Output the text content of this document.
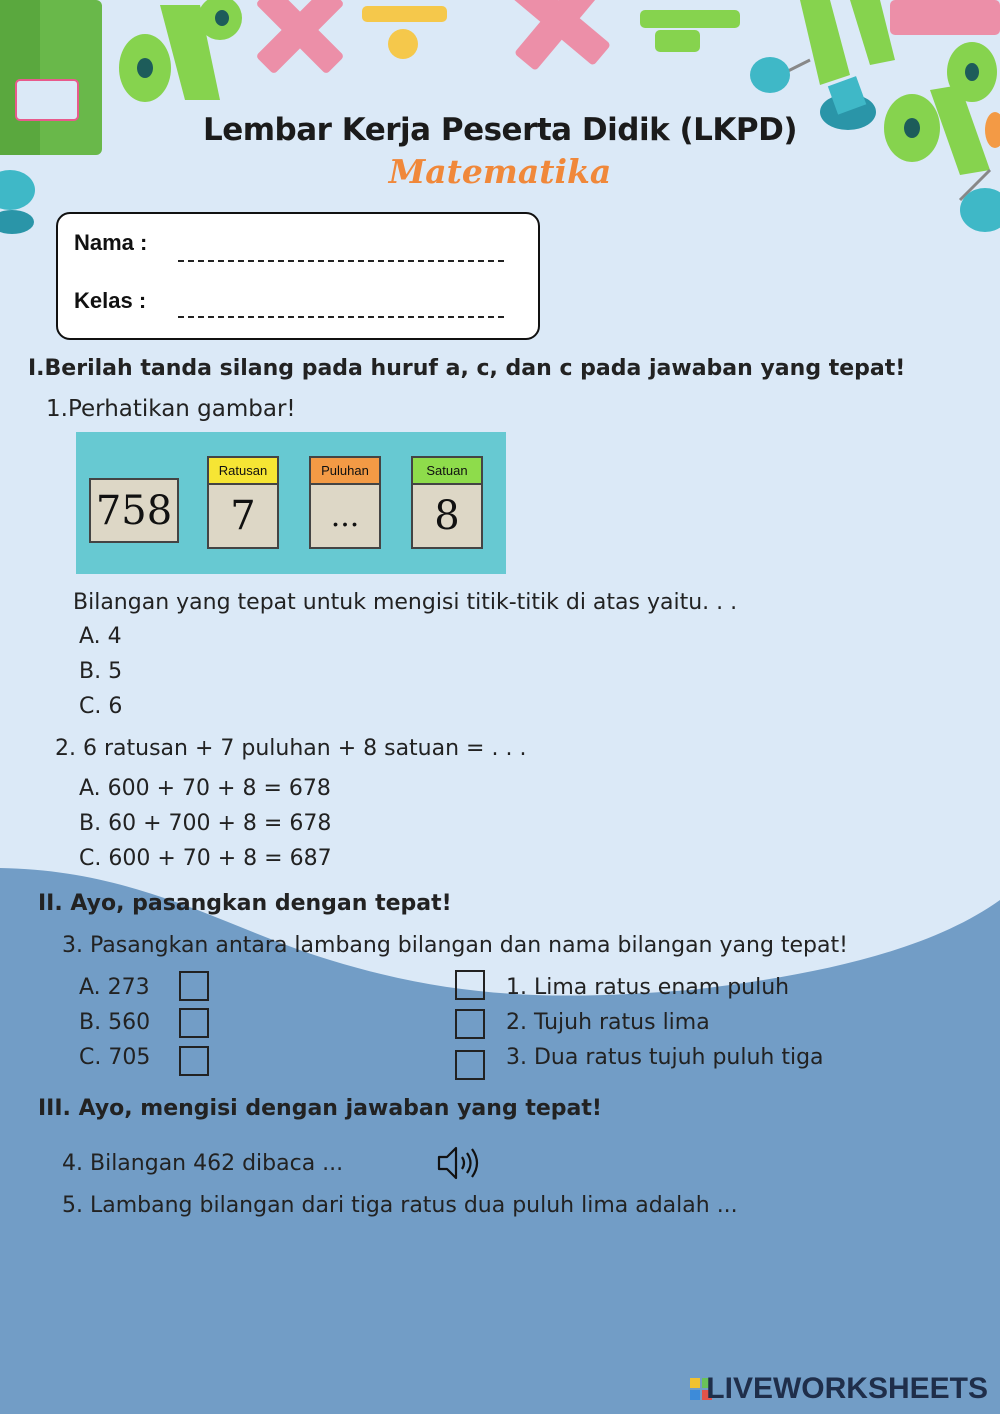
Lembar Kerja Peserta Didik (LKPD)
Matematika
Nama :
Kelas :
I.Berilah tanda silang pada huruf a, c, dan c pada jawaban yang tepat!
1.Perhatikan gambar!
758
Ratusan
7
Puluhan
...
Satuan
8
Bilangan yang tepat untuk mengisi titik-titik di atas yaitu. . .
A. 4
B. 5
C. 6
2. 6 ratusan + 7 puluhan + 8 satuan = . . .
A. 600 + 70 + 8 = 678
B. 60 + 700 + 8 = 678
C. 600 + 70 + 8 = 687
II. Ayo, pasangkan dengan tepat!
3. Pasangkan antara lambang bilangan dan nama bilangan yang tepat!
A. 273
B. 560
C. 705
1. Lima ratus enam puluh
2. Tujuh ratus lima
3. Dua ratus tujuh puluh tiga
III. Ayo, mengisi dengan jawaban yang tepat!
4. Bilangan 462 dibaca ...
5. Lambang bilangan dari tiga ratus dua puluh lima adalah ...
LIVEWORKSHEETS
